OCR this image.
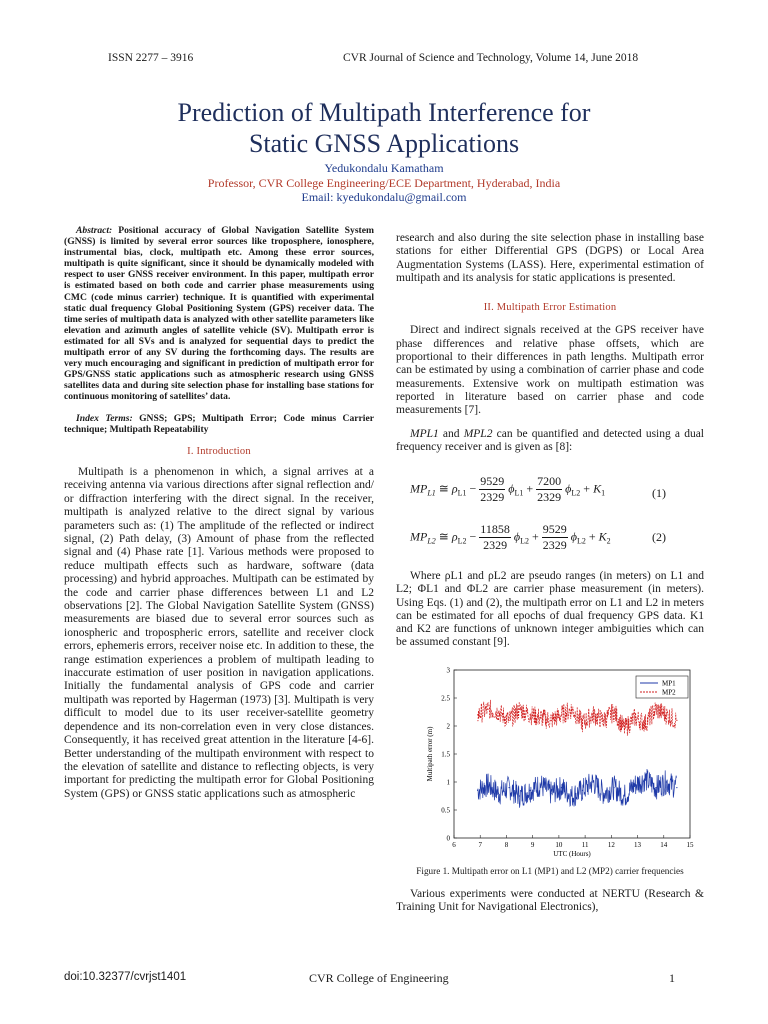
ISSN 2277 – 3916	CVR Journal of Science and Technology, Volume 14, June 2018
Prediction of Multipath Interference for
Static GNSS Applications
Yedukondalu Kamatham
Professor, CVR College Engineering/ECE Department, Hyderabad, India
Email: kyedukondalu@gmail.com

Abstract: Positional accuracy of Global Navigation Satellite System (GNSS) is limited by several error sources like troposphere, ionosphere, instrumental bias, clock, multipath etc. Among these error sources, multipath is quite significant, since it should be dynamically modeled with respect to user GNSS receiver environment. In this paper, multipath error is estimated based on both code and carrier phase measurements using CMC (code minus carrier) technique. It is quantified with experimental static dual frequency Global Positioning System (GPS) receiver data. The time series of multipath data is analyzed with other satellite parameters like elevation and azimuth angles of satellite vehicle (SV). Multipath error is estimated for all SVs and is analyzed for sequential days to predict the multipath error of any SV during the forthcoming days. The results are very much encouraging and significant in prediction of multipath error for GPS/GNSS static applications such as atmospheric research using GNSS satellites data and during site selection phase for installing base stations for continuous monitoring of satellites’ data.

Index Terms: GNSS; GPS; Multipath Error; Code minus Carrier technique; Multipath Repeatability

I. Introduction

Multipath is a phenomenon in which, a signal arrives at a receiving antenna via various directions after signal reflection and/ or diffraction interfering with the direct signal. In the receiver, multipath is analyzed relative to the direct signal by various parameters such as: (1) The amplitude of the reflected or indirect signal, (2) Path delay, (3) Amount of phase from the reflected signal and (4) Phase rate [1]. Various methods were proposed to reduce multipath effects such as hardware, software (data processing) and hybrid approaches. Multipath can be estimated by the code and carrier phase differences between L1 and L2 observations [2]. The Global Navigation Satellite System (GNSS) measurements are biased due to several error sources such as ionospheric and tropospheric errors, satellite and receiver clock errors, ephemeris errors, receiver noise etc. In addition to these, the range estimation experiences a problem of multipath leading to inaccurate estimation of user position in navigation applications. Initially the fundamental analysis of GPS code and carrier multipath was reported by Hagerman (1973) [3]. Multipath is very difficult to model due to its user receiver-satellite geometry dependence and its non-correlation even in very close distances. Consequently, it has received great attention in the literature [4-6]. Better understanding of the multipath environment with respect to the elevation of satellite and distance to reflecting objects, is very important for predicting the multipath error for Global Positioning System (GPS) or GNSS static applications such as atmospheric

research and also during the site selection phase in installing base stations for either Differential GPS (DGPS) or Local Area Augmentation Systems (LASS). Here, experimental estimation of multipath and its analysis for static applications is presented.

II. Multipath Error Estimation

Direct and indirect signals received at the GPS receiver have phase differences and relative phase offsets, which are proportional to their differences in path lengths. Multipath error can be estimated by using a combination of carrier phase and code measurements. Extensive work on multipath estimation was reported in literature based on carrier phase and code measurements [7].

MPL1 and MPL2 can be quantified and detected using a dual frequency receiver and is given as [8]:

$MP_{L1}$ ≅ $\rho_{L1} - \frac{9529}{2329} \phi_{L1} + \frac{7200}{2329} \phi_{L2} + K_1$	(1)
$MP_{L2}$ ≅ $\rho_{L2} - \frac{11858}{2329} \phi_{L2} + \frac{9529}{2329} \phi_{L2} + K_2$	(2)

Where ρL1 and ρL2 are pseudo ranges (in meters) on L1 and L2; ΦL1 and ΦL2 are carrier phase measurement (in meters). Using Eqs. (1) and (2), the multipath error on L1 and L2 in meters can be estimated for all epochs of dual frequency GPS data. K1 and K2 are functions of unknown integer ambiguities which can be assumed constant [9].

6	7	8	9	10	11	12	13	14	15
0
0.5
1
1.5
2
2.5
3
UTC (Hours)
Multipath error (m)
MP1
MP2
Figure 1. Multipath error on L1 (MP1) and L2 (MP2) carrier frequencies

Various experiments were conducted at NERTU (Research & Training Unit for Navigational Electronics),

doi:10.32377/cvrjst1401	CVR College of Engineering	1
